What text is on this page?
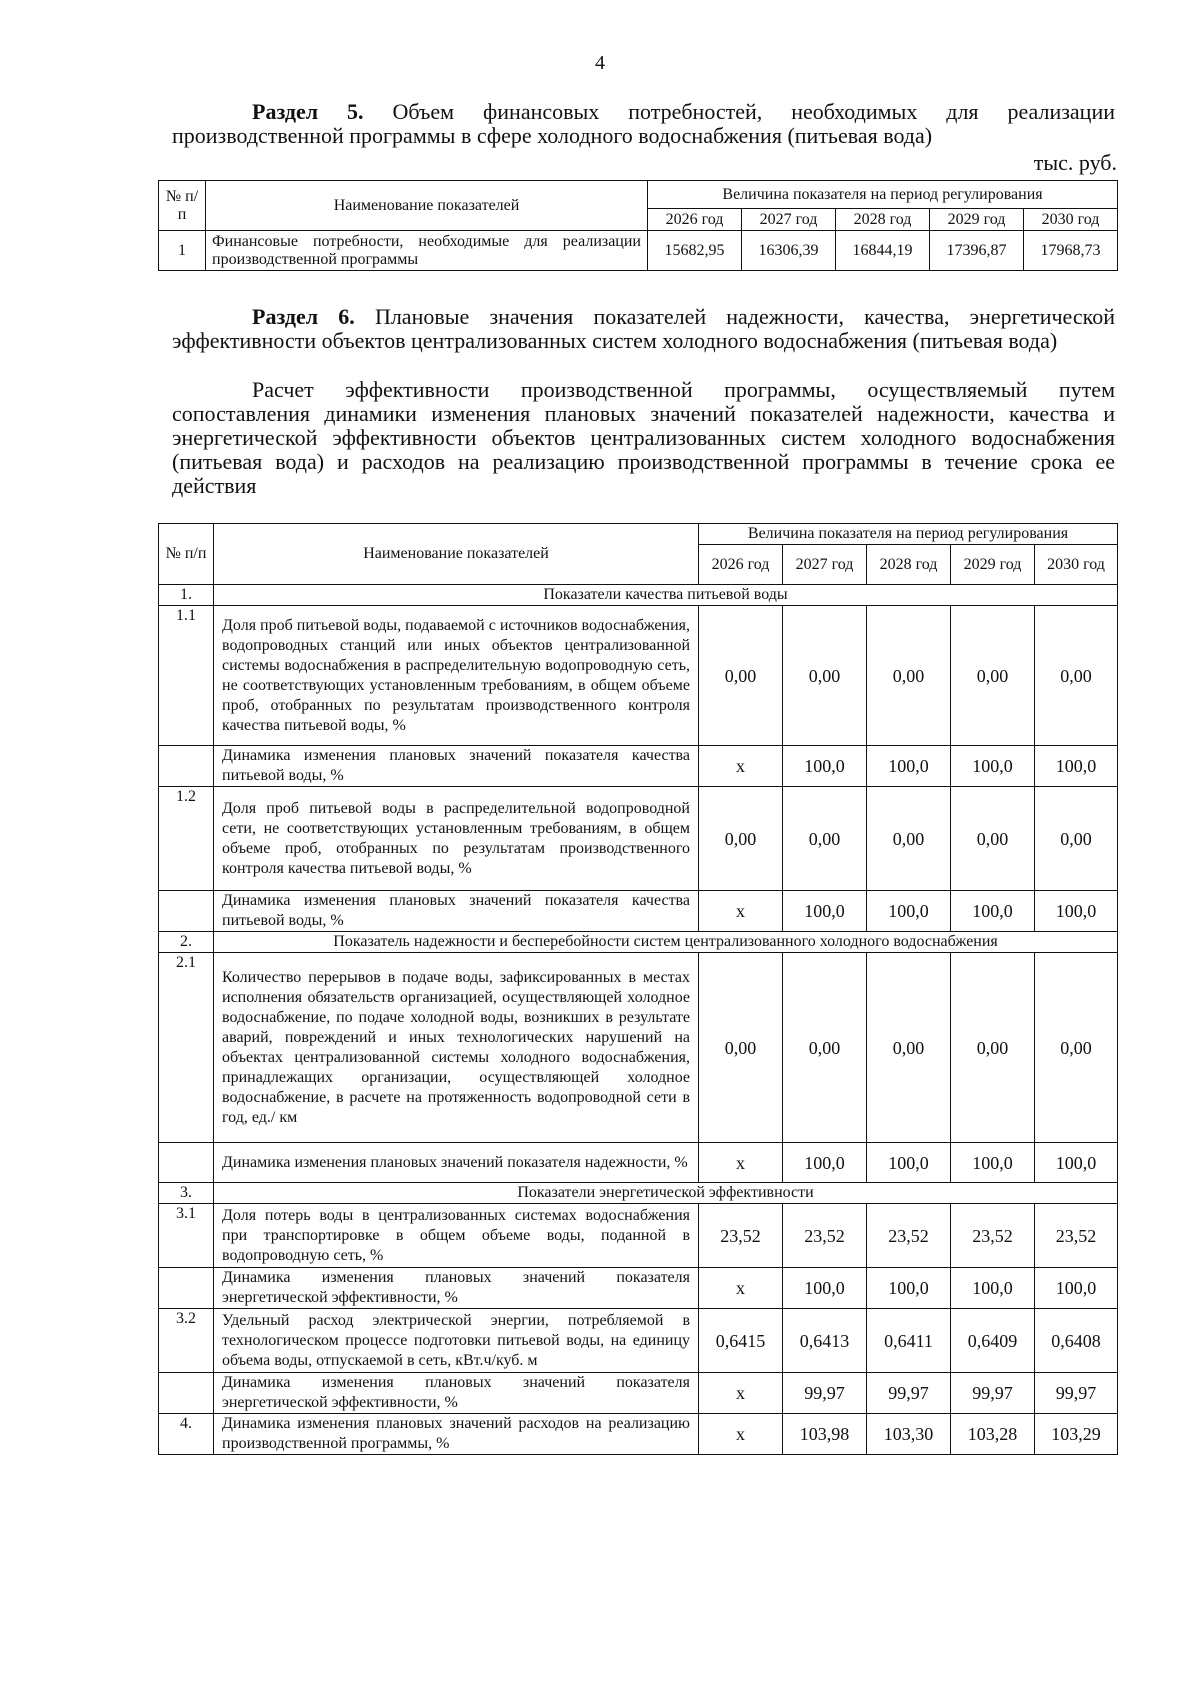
4
Раздел 5. Объем финансовых потребностей, необходимых для реализации производственной программы в сфере холодного водоснабжения (питьевая вода)
тыс. руб.
№ п/п	Наименование показателей	Величина показателя на период регулирования				
		2026 год	2027 год	2028 год	2029 год	2030 год
1	Финансовые потребности, необходимые для реализации производственной программы	15682,95	16306,39	16844,19	17396,87	17968,73
Раздел 6. Плановые значения показателей надежности, качества, энергетической эффективности объектов централизованных систем холодного водоснабжения (питьевая вода)
Расчет эффективности производственной программы, осуществляемый путем сопоставления динамики изменения плановых значений показателей надежности, качества и энергетической эффективности объектов централизованных систем холодного водоснабжения (питьевая вода) и расходов на реализацию производственной программы в течение срока ее действия
№ п/п	Наименование показателей	Величина показателя на период регулирования				
		2026 год	2027 год	2028 год	2029 год	2030 год
1.	Показатели качества питьевой воды					
1.1	Доля проб питьевой воды, подаваемой с источников водоснабжения, водопроводных станций или иных объектов централизованной системы водоснабжения в распределительную водопроводную сеть, не соответствующих установленным требованиям, в общем объеме проб, отобранных по результатам производственного контроля качества питьевой воды, %	0,00	0,00	0,00	0,00	0,00
	Динамика изменения плановых значений показателя качества питьевой воды, %	x	100,0	100,0	100,0	100,0
1.2	Доля проб питьевой воды в распределительной водопроводной сети, не соответствующих установленным требованиям, в общем объеме проб, отобранных по результатам производственного контроля качества питьевой воды, %	0,00	0,00	0,00	0,00	0,00
	Динамика изменения плановых значений показателя качества питьевой воды, %	x	100,0	100,0	100,0	100,0
2.	Показатель надежности и бесперебойности систем централизованного холодного водоснабжения					
2.1	Количество перерывов в подаче воды, зафиксированных в местах исполнения обязательств организацией, осуществляющей холодное водоснабжение, по подаче холодной воды, возникших в результате аварий, повреждений и иных технологических нарушений на объектах централизованной системы холодного водоснабжения, принадлежащих организации, осуществляющей холодное водоснабжение, в расчете на протяженность водопроводной сети в год, ед./ км	0,00	0,00	0,00	0,00	0,00
	Динамика изменения плановых значений показателя надежности, %	x	100,0	100,0	100,0	100,0
3.	Показатели энергетической эффективности					
3.1	Доля потерь воды в централизованных системах водоснабжения при транспортировке в общем объеме воды, поданной в водопроводную сеть, %	23,52	23,52	23,52	23,52	23,52
	Динамика изменения плановых значений показателя энергетической эффективности, %	x	100,0	100,0	100,0	100,0
3.2	Удельный расход электрической энергии, потребляемой в технологическом процессе подготовки питьевой воды, на единицу объема воды, отпускаемой в сеть, кВт.ч/куб. м	0,6415	0,6413	0,6411	0,6409	0,6408
	Динамика изменения плановых значений показателя энергетической эффективности, %	x	99,97	99,97	99,97	99,97
4.	Динамика изменения плановых значений расходов на реализацию производственной программы, %	x	103,98	103,30	103,28	103,29
